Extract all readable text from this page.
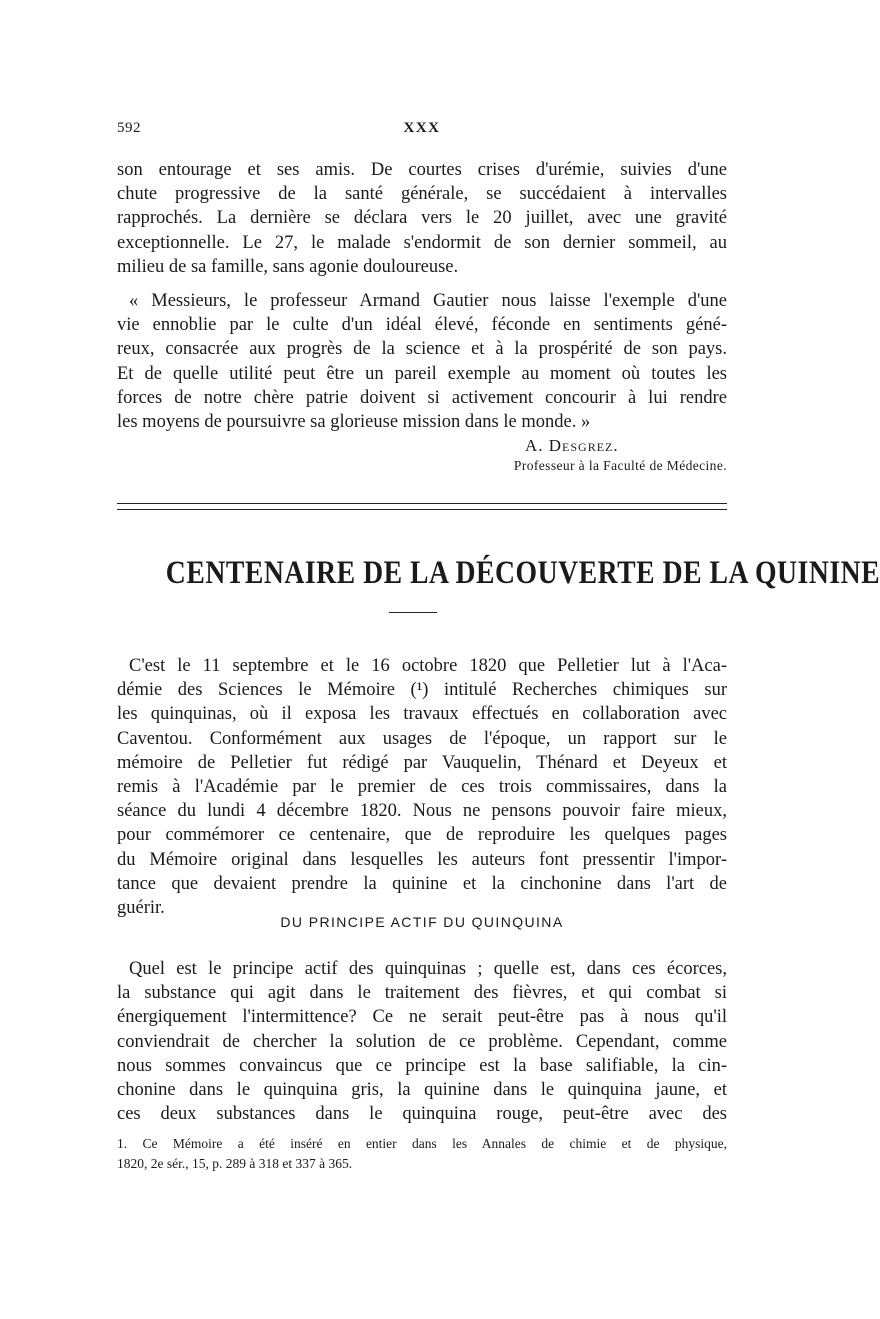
592	XXX

son entourage et ses amis. De courtes crises d'urémie, suivies d'une

chute progressive de la santé générale, se succédaient à intervalles

rapprochés. La dernière se déclara vers le 20 juillet, avec une gravité

exceptionnelle. Le 27, le malade s'endormit de son dernier sommeil, au

milieu de sa famille, sans agonie douloureuse.

« Messieurs, le professeur Armand Gautier nous laisse l'exemple d'une

vie ennoblie par le culte d'un idéal élevé, féconde en sentiments géné-

reux, consacrée aux progrès de la science et à la prospérité de son pays.

Et de quelle utilité peut être un pareil exemple au moment où toutes les

forces de notre chère patrie doivent si activement concourir à lui rendre

les moyens de poursuivre sa glorieuse mission dans le monde. »

A. Desgrez.
Professeur à la Faculté de Médecine.
CENTENAIRE DE LA DÉCOUVERTE DE LA QUININE

C'est le 11 septembre et le 16 octobre 1820 que Pelletier lut à l'Aca-

démie des Sciences le Mémoire (¹) intitulé Recherches chimiques sur

les quinquinas, où il exposa les travaux effectués en collaboration avec

Caventou. Conformément aux usages de l'époque, un rapport sur le

mémoire de Pelletier fut rédigé par Vauquelin, Thénard et Deyeux et

remis à l'Académie par le premier de ces trois commissaires, dans la

séance du lundi 4 décembre 1820. Nous ne pensons pouvoir faire mieux,

pour commémorer ce centenaire, que de reproduire les quelques pages

du Mémoire original dans lesquelles les auteurs font pressentir l'impor-

tance que devaient prendre la quinine et la cinchonine dans l'art de

guérir.

DU PRINCIPE ACTIF DU QUINQUINA

Quel est le principe actif des quinquinas ; quelle est, dans ces écorces,

la substance qui agit dans le traitement des fièvres, et qui combat si

énergiquement l'intermittence? Ce ne serait peut-être pas à nous qu'il

conviendrait de chercher la solution de ce problème. Cependant, comme

nous sommes convaincus que ce principe est la base salifiable, la cin-

chonine dans le quinquina gris, la quinine dans le quinquina jaune, et

ces deux substances dans le quinquina rouge, peut-être avec des

1. Ce Mémoire a été inséré en entier dans les Annales de chimie et de physique,

1820, 2e sér., 15, p. 289 à 318 et 337 à 365.
